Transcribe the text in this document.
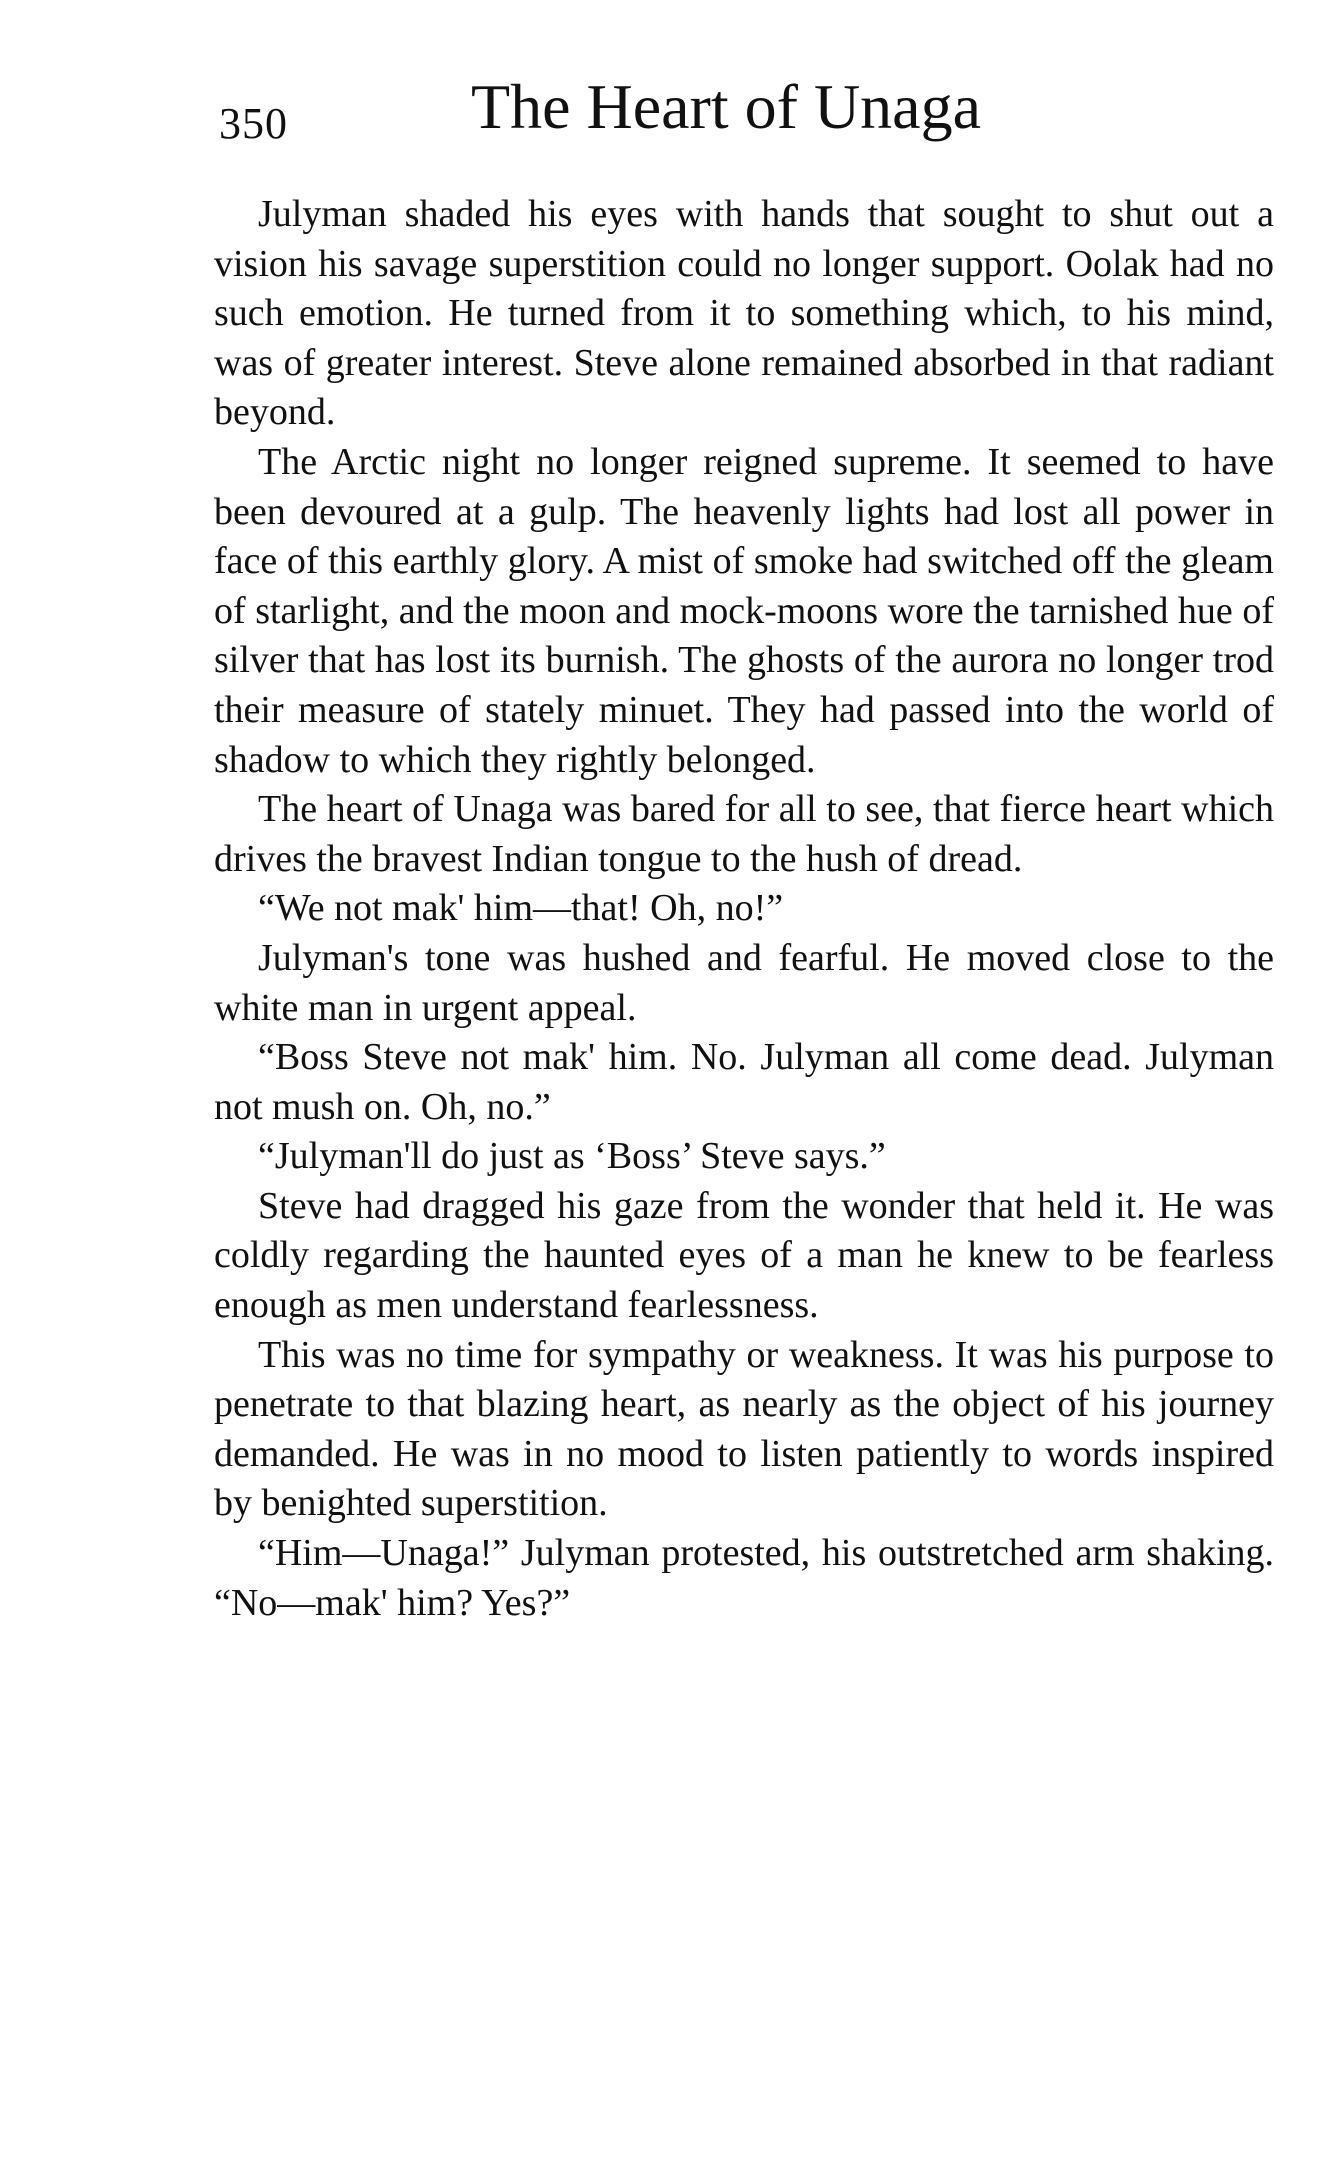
350	The Heart of Unaga

Julyman shaded his eyes with hands that sought to shut out a vision his savage superstition could no longer support. Oolak had no such emotion. He turned from it to something which, to his mind, was of greater interest. Steve alone remained absorbed in that radiant beyond.

The Arctic night no longer reigned supreme. It seemed to have been devoured at a gulp. The heavenly lights had lost all power in face of this earthly glory. A mist of smoke had switched off the gleam of starlight, and the moon and mock-moons wore the tarnished hue of silver that has lost its burnish. The ghosts of the aurora no longer trod their measure of stately minuet. They had passed into the world of shadow to which they rightly belonged.

The heart of Unaga was bared for all to see, that fierce heart which drives the bravest Indian tongue to the hush of dread.

“We not mak' him—that! Oh, no!”

Julyman's tone was hushed and fearful. He moved close to the white man in urgent appeal.

“Boss Steve not mak' him. No. Julyman all come dead. Julyman not mush on. Oh, no.”

“Julyman'll do just as ‘Boss’ Steve says.”

Steve had dragged his gaze from the wonder that held it. He was coldly regarding the haunted eyes of a man he knew to be fearless enough as men understand fearlessness.

This was no time for sympathy or weakness. It was his purpose to penetrate to that blazing heart, as nearly as the object of his journey demanded. He was in no mood to listen patiently to words inspired by benighted superstition.

“Him—Unaga!” Julyman protested, his outstretched arm shaking. “No—mak' him? Yes?”
